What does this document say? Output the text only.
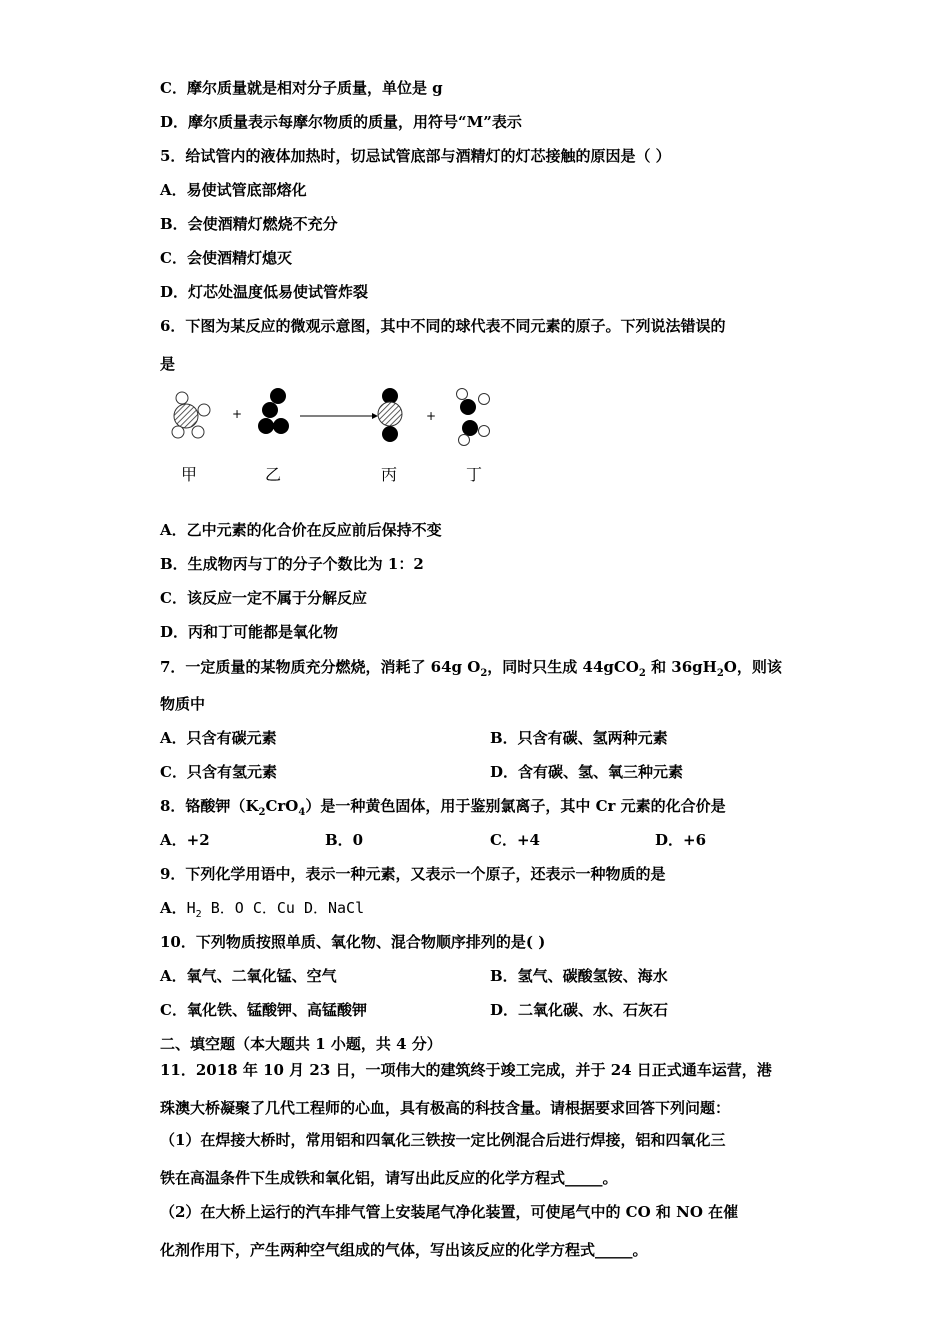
C．摩尔质量就是相对分子质量，单位是 g
D．摩尔质量表示每摩尔物质的质量，用符号“M”表示
5．给试管内的液体加热时，切忌试管底部与酒精灯的灯芯接触的原因是（ ）
A．易使试管底部熔化
B．会使酒精灯燃烧不充分
C．会使酒精灯熄灭
D．灯芯处温度低易使试管炸裂
6．下图为某反应的微观示意图，其中不同的球代表不同元素的原子。下列说法错误的
是
+	+
甲	乙	丙	丁
A．乙中元素的化合价在反应前后保持不变
B．生成物丙与丁的分子个数比为 1：2
C．该反应一定不属于分解反应
D．丙和丁可能都是氧化物
7．一定质量的某物质充分燃烧，消耗了 64g $O_2$，同时只生成 44gCO$_2$ 和 $36gH_2O$，则该
物质中
A．只含有碳元素	B．只含有碳、氢两种元素
C．只含有氢元素	D．含有碳、氢、氧三种元素
8．铬酸钾$(K_2CrO_4)$是一种黄色固体，用于鉴别氯离子，其中 Cr 元素的化合价是
A．+2	B．0	C．+4	D．+6
9．下列化学用语中，表示一种元素，又表示一个原子，还表示一种物质的是
A．$H_2$ B．O C．Cu D．NaCl
10．下列物质按照单质、氧化物、混合物顺序排列的是( )
A．氧气、二氧化锰、空气	B．氢气、碳酸氢铵、海水
C．氧化铁、锰酸钾、高锰酸钾	D．二氧化碳、水、石灰石
二、填空题（本大题共 1 小题，共 4 分）
11．2018 年 10 月 23 日，一项伟大的建筑终于竣工完成，并于 24 日正式通车运营，港
珠澳大桥凝聚了几代工程师的心血，具有极高的科技含量。请根据要求回答下列问题：
（1）在焊接大桥时，常用铝和四氧化三铁按一定比例混合后进行焊接，铝和四氧化三
铁在高温条件下生成铁和氧化铝，请写出此反应的化学方程式_____。
（2）在大桥上运行的汽车排气管上安装尾气净化装置，可使尾气中的 CO 和 NO 在催
化剂作用下，产生两种空气组成的气体，写出该反应的化学方程式_____。
